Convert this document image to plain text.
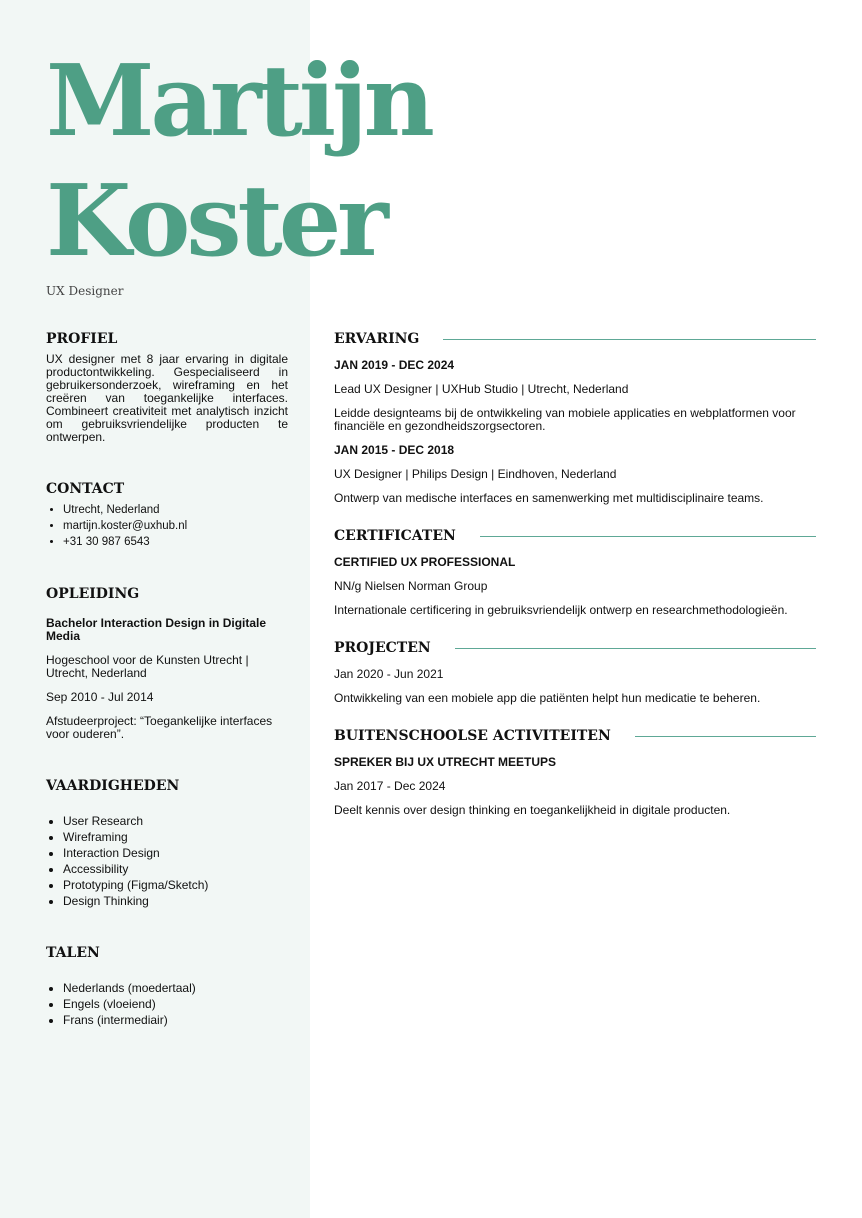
Martijn
Koster
UX Designer
PROFIEL
UX designer met 8 jaar ervaring in digitale productontwikkeling. Gespecialiseerd in gebruikersonderzoek, wireframing en het creëren van toegankelijke interfaces. Combineert creativiteit met analytisch inzicht om gebruiksvriendelijke producten te ontwerpen.
CONTACT
• Utrecht, Nederland
• martijn.koster@uxhub.nl
• +31 30 987 6543
OPLEIDING
Bachelor Interaction Design in Digitale Media
Hogeschool voor de Kunsten Utrecht | Utrecht, Nederland
Sep 2010 - Jul 2014
Afstudeerproject: “Toegankelijke interfaces voor ouderen”.
VAARDIGHEDEN
• User Research
• Wireframing
• Interaction Design
• Accessibility
• Prototyping (Figma/Sketch)
• Design Thinking
TALEN
• Nederlands (moedertaal)
• Engels (vloeiend)
• Frans (intermediair)
ERVARING
JAN 2019 - DEC 2024
Lead UX Designer | UXHub Studio | Utrecht, Nederland
Leidde designteams bij de ontwikkeling van mobiele applicaties en webplatformen voor financiële en gezondheidszorgsectoren.
JAN 2015 - DEC 2018
UX Designer | Philips Design | Eindhoven, Nederland
Ontwerp van medische interfaces en samenwerking met multidisciplinaire teams.
CERTIFICATEN
CERTIFIED UX PROFESSIONAL
NN/g Nielsen Norman Group
Internationale certificering in gebruiksvriendelijk ontwerp en researchmethodologieën.
PROJECTEN
Jan 2020 - Jun 2021
Ontwikkeling van een mobiele app die patiënten helpt hun medicatie te beheren.
BUITENSCHOOLSE ACTIVITEITEN
SPREKER BIJ UX UTRECHT MEETUPS
Jan 2017 - Dec 2024
Deelt kennis over design thinking en toegankelijkheid in digitale producten.
